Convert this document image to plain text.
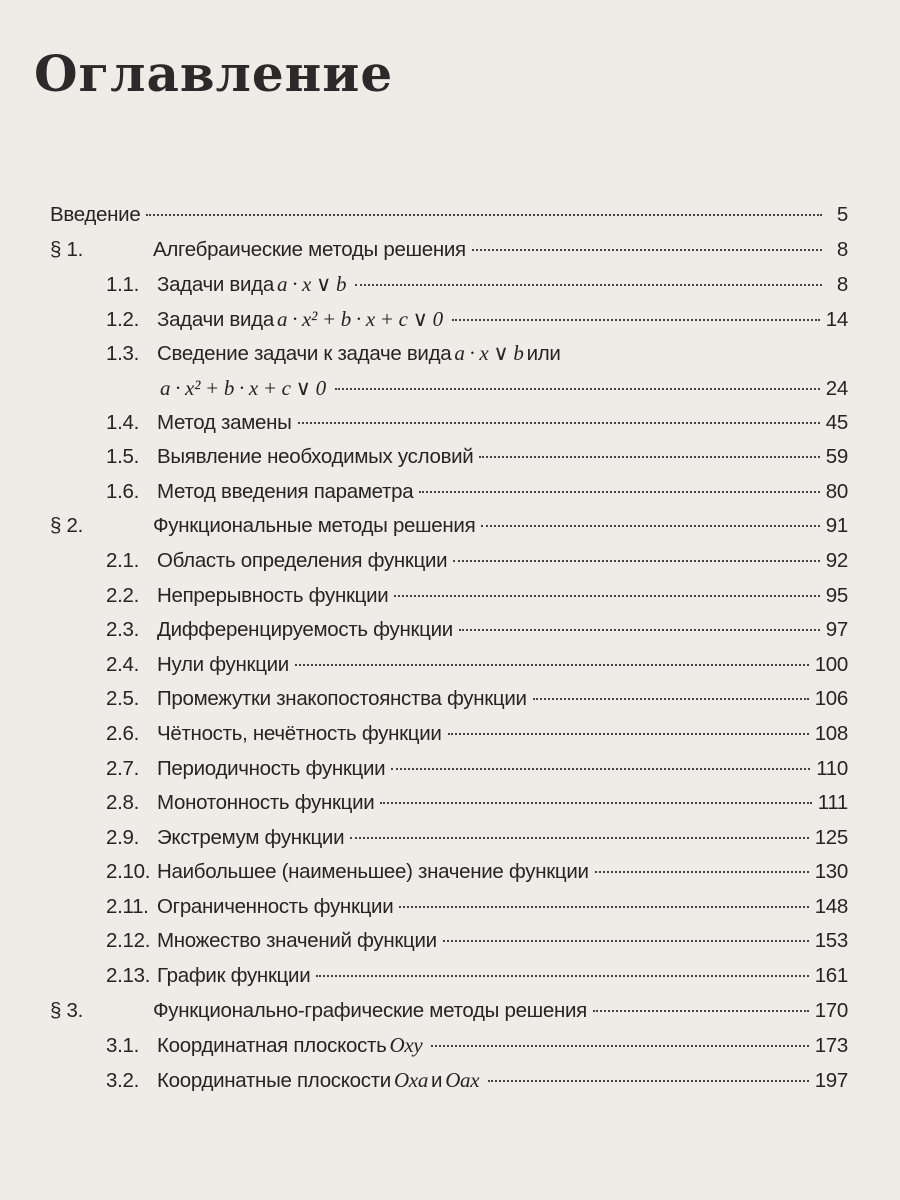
Оглавление
Введение	5
§ 1.	Алгебраические методы решения	8
1.1. Задачи вида a · x ∨ b	8
1.2. Задачи вида a · x² + b · x + c ∨ 0	14
1.3. Сведение задачи к задаче вида a · x ∨ b или
a · x² + b · x + c ∨ 0	24
1.4. Метод замены	45
1.5. Выявление необходимых условий	59
1.6. Метод введения параметра	80
§ 2.	Функциональные методы решения	91
2.1. Область определения функции	92
2.2. Непрерывность функции	95
2.3. Дифференцируемость функции	97
2.4. Нули функции	100
2.5. Промежутки знакопостоянства функции	106
2.6. Чётность, нечётность функции	108
2.7. Периодичность функции	110
2.8. Монотонность функции	111
2.9. Экстремум функции	125
2.10. Наибольшее (наименьшее) значение функции	130
2.11. Ограниченность функции	148
2.12. Множество значений функции	153
2.13. График функции	161
§ 3.	Функционально-графические методы решения	170
3.1. Координатная плоскость Oxy	173
3.2. Координатные плоскости Oxa и Oax	197
